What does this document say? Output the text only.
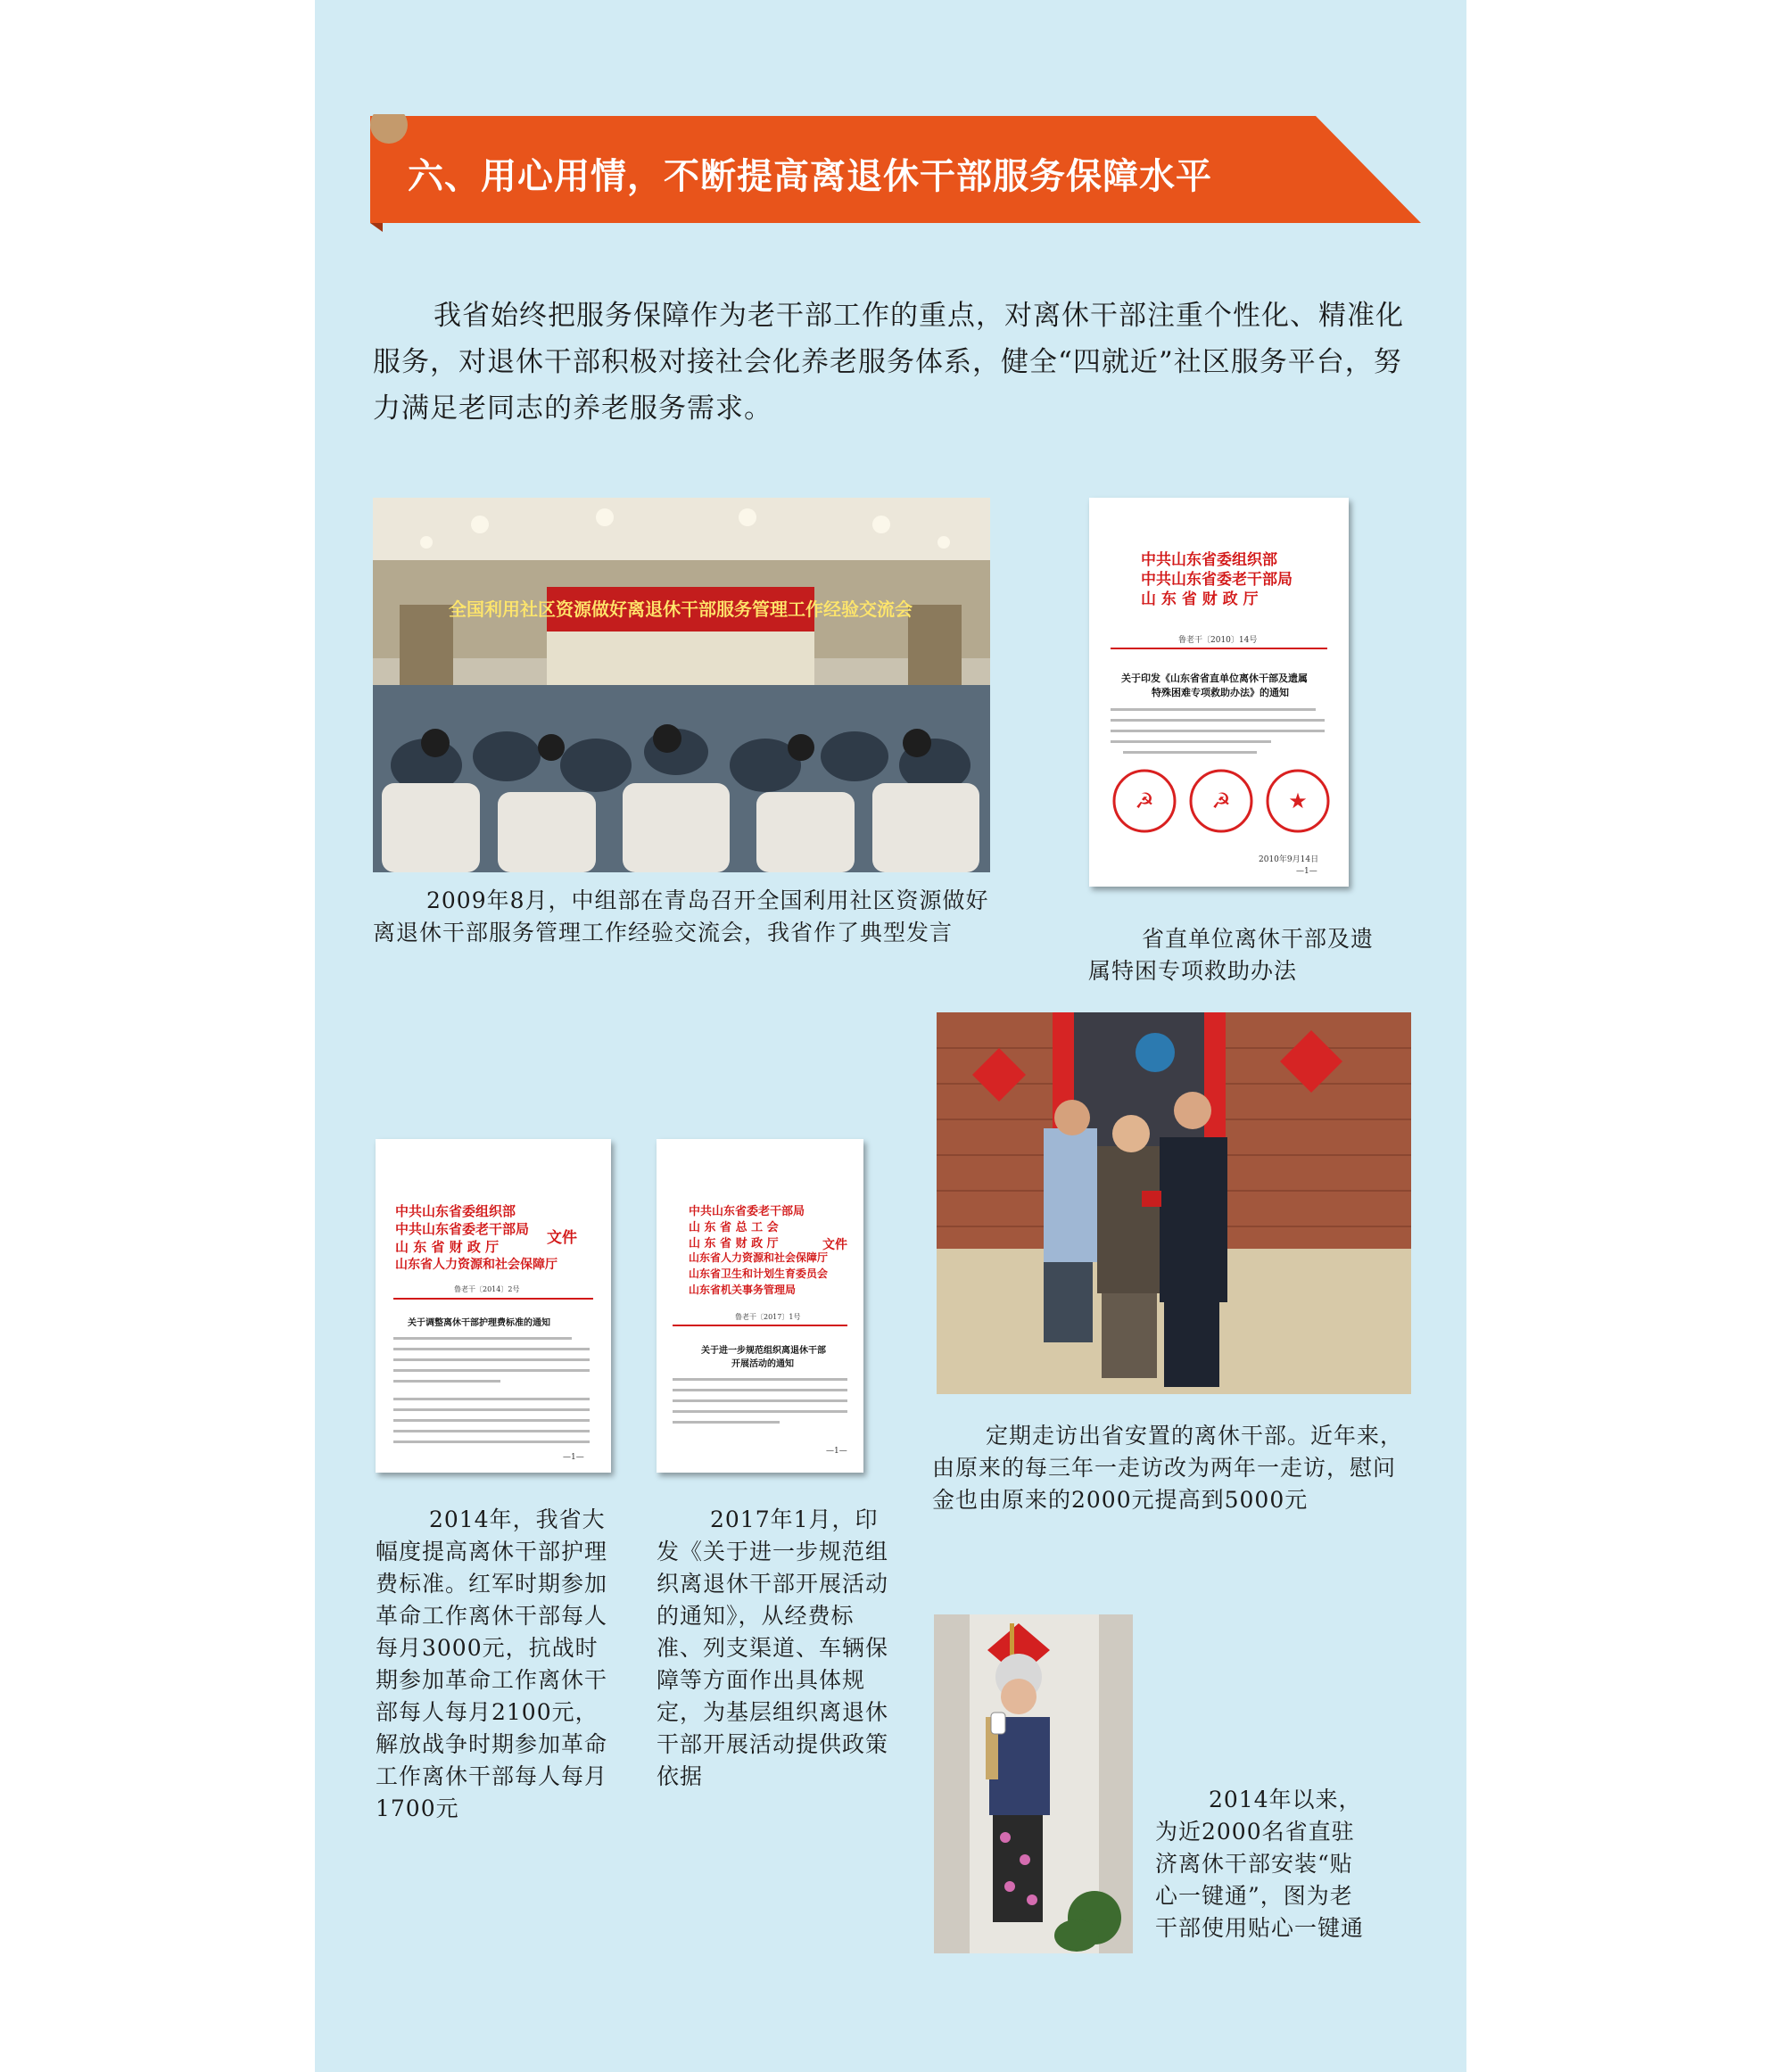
六、用心用情，不断提高离退休干部服务保障水平

我省始终把服务保障作为老干部工作的重点，对离休干部注重个性化、精准化服务，对退休干部积极对接社会化养老服务体系，健全“四就近”社区服务平台，努力满足老同志的养老服务需求。

全国利用社区资源做好离退休干部服务管理工作经验交流会

2009年8月，中组部在青岛召开全国利用社区资源做好离退休干部服务管理工作经验交流会，我省作了典型发言

中共山东省委组织部
中共山东省委老干部局
山 东 省 财 政 厅
鲁老干〔2010〕14号
关于印发《山东省省直单位离休干部及遗属
特殊困难专项救助办法》的通知
☭	☭	★
2010年9月14日
—1—

省直单位离休干部及遗属特困专项救助办法

定期走访出省安置的离休干部。近年来，由原来的每三年一走访改为两年一走访，慰问金也由原来的2000元提高到5000元

中共山东省委组织部
中共山东省委老干部局
山 东 省 财 政 厅
山东省人力资源和社会保障厅
文件
鲁老干〔2014〕2号
关于调整离休干部护理费标准的通知
—1—

2014年，我省大幅度提高离休干部护理费标准。红军时期参加革命工作离休干部每人每月3000元，抗战时期参加革命工作离休干部每人每月2100元，解放战争时期参加革命工作离休干部每人每月1700元

中共山东省委老干部局
山 东 省 总 工 会
山 东 省 财 政 厅
山东省人力资源和社会保障厅
山东省卫生和计划生育委员会
山东省机关事务管理局
文件
鲁老干〔2017〕1号
关于进一步规范组织离退休干部
开展活动的通知
—1—

2017年1月，印发《关于进一步规范组织离退休干部开展活动的通知》，从经费标准、列支渠道、车辆保障等方面作出具体规定，为基层组织离退休干部开展活动提供政策依据

2014年以来，为近2000名省直驻济离休干部安装“贴心一键通”，图为老干部使用贴心一键通
